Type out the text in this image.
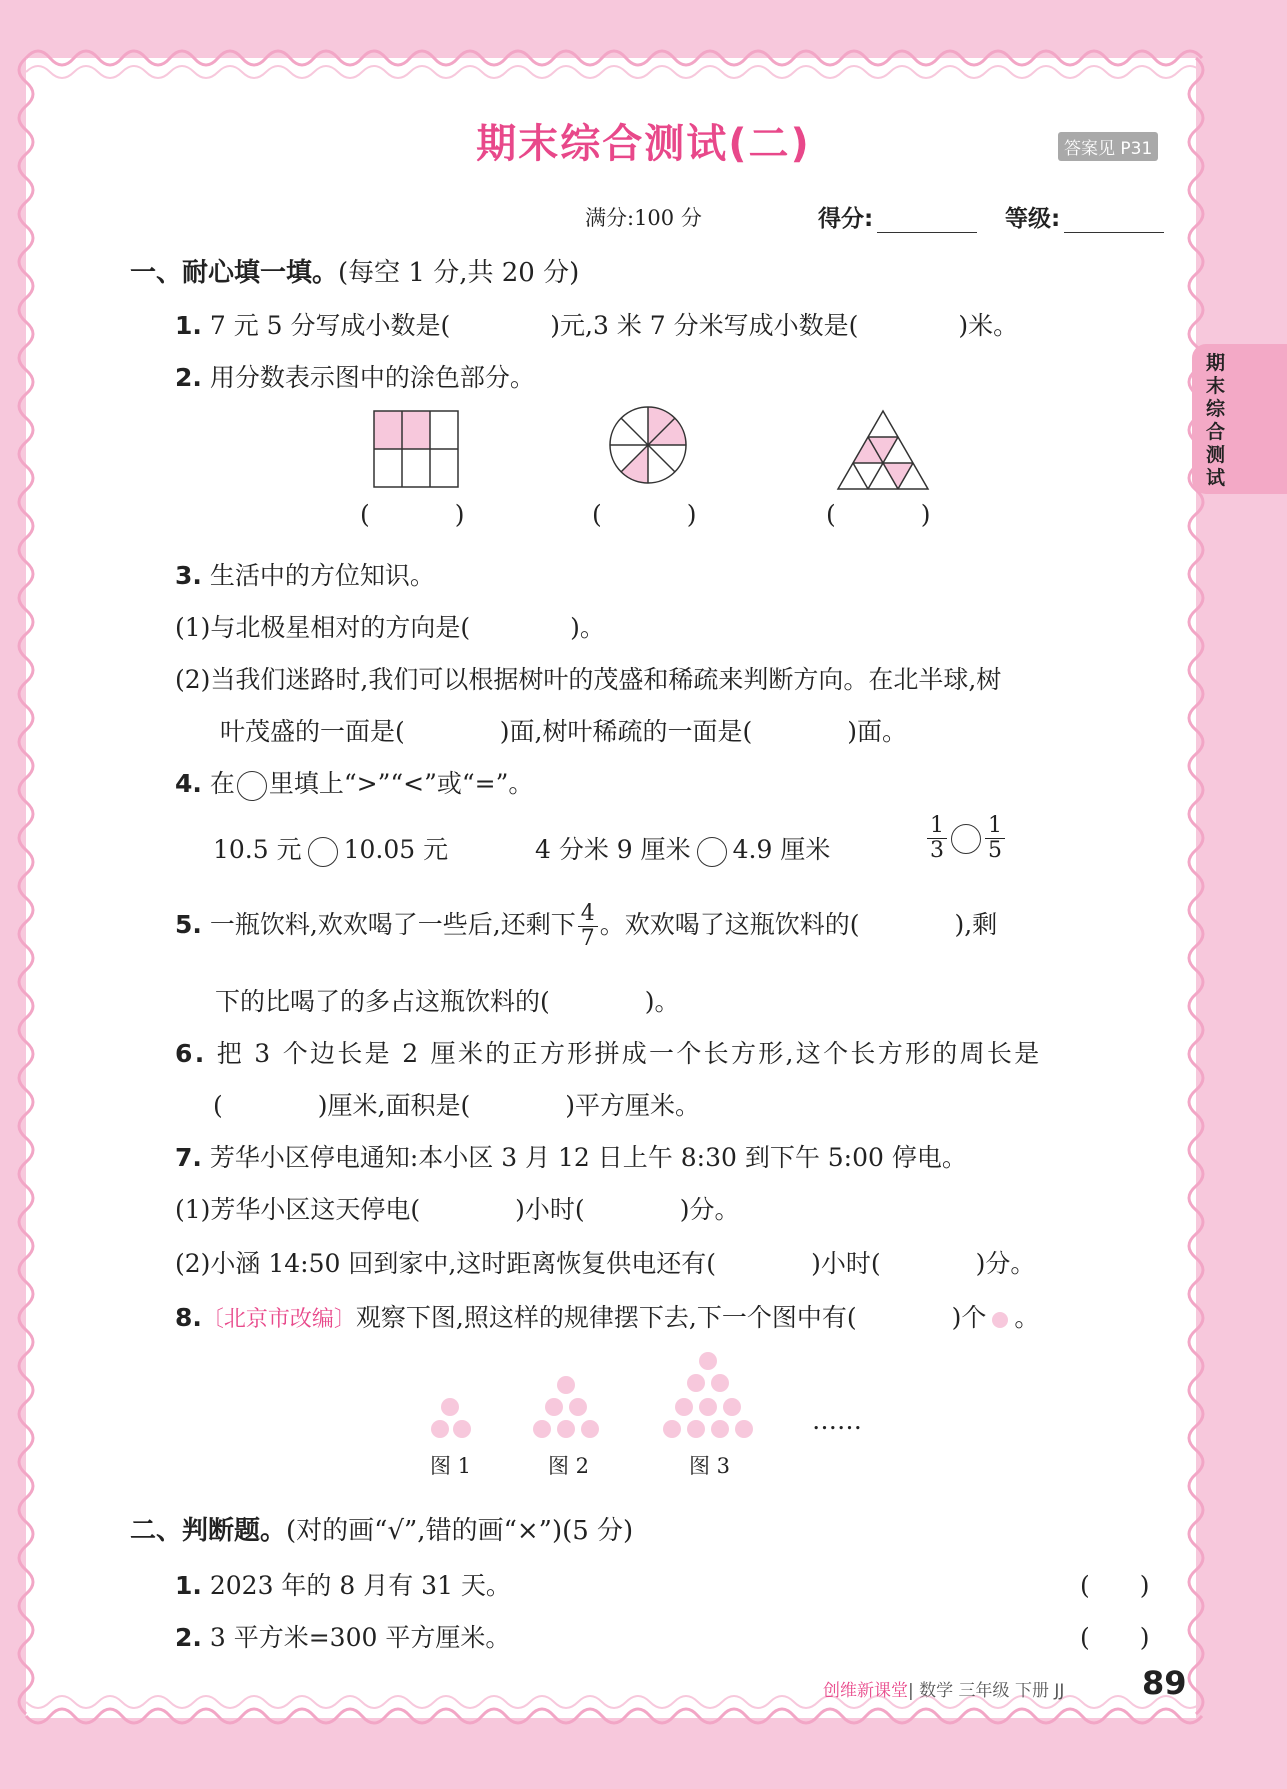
期末综合测试(二)	答案见 P31
满分:100 分	得分:	等级:
期末综合测试
一、耐心填一填。(每空 1 分,共 20 分)
1. 7 元 5 分写成小数是(	)元,3 米 7 分米写成小数是(	)米。
2. 用分数表示图中的涂色部分。
(	)	(	)	(	)
3. 生活中的方位知识。
(1)与北极星相对的方向是(	)。
(2)当我们迷路时,我们可以根据树叶的茂盛和稀疏来判断方向。在北半球,树
叶茂盛的一面是(	)面,树叶稀疏的一面是(	)面。
4. 在 里填上“>”“<”或“=”。
10.5 元 10.05 元	4 分米 9 厘米 4.9 厘米	$\frac{1}{3} \frac{1}{5}$
5. 一瓶饮料,欢欢喝了一些后,还剩下 $\frac{4}{7}$ 。欢欢喝了这瓶饮料的(	),剩
下的比喝了的多占这瓶饮料的(	)。
6. 把 3 个边长是 2 厘米的正方形拼成一个长方形,这个长方形的周长是
(	)厘米,面积是(	)平方厘米。
7. 芳华小区停电通知:本小区 3 月 12 日上午 8:30 到下午 5:00 停电。
(1)芳华小区这天停电(	)小时(	)分。
(2)小涵 14:50 回到家中,这时距离恢复供电还有(	)小时(	)分。
8.〔北京市改编〕观察下图,照这样的规律摆下去,下一个图中有(	)个 。
……
图 1	图 2	图 3
二、判断题。(对的画“√”,错的画“×”)(5 分)
1. 2023 年的 8 月有 31 天。	(　　)
2. 3 平方米=300 平方厘米。	(　　)
创维新课堂| 数学 三年级 下册 JJ 89
